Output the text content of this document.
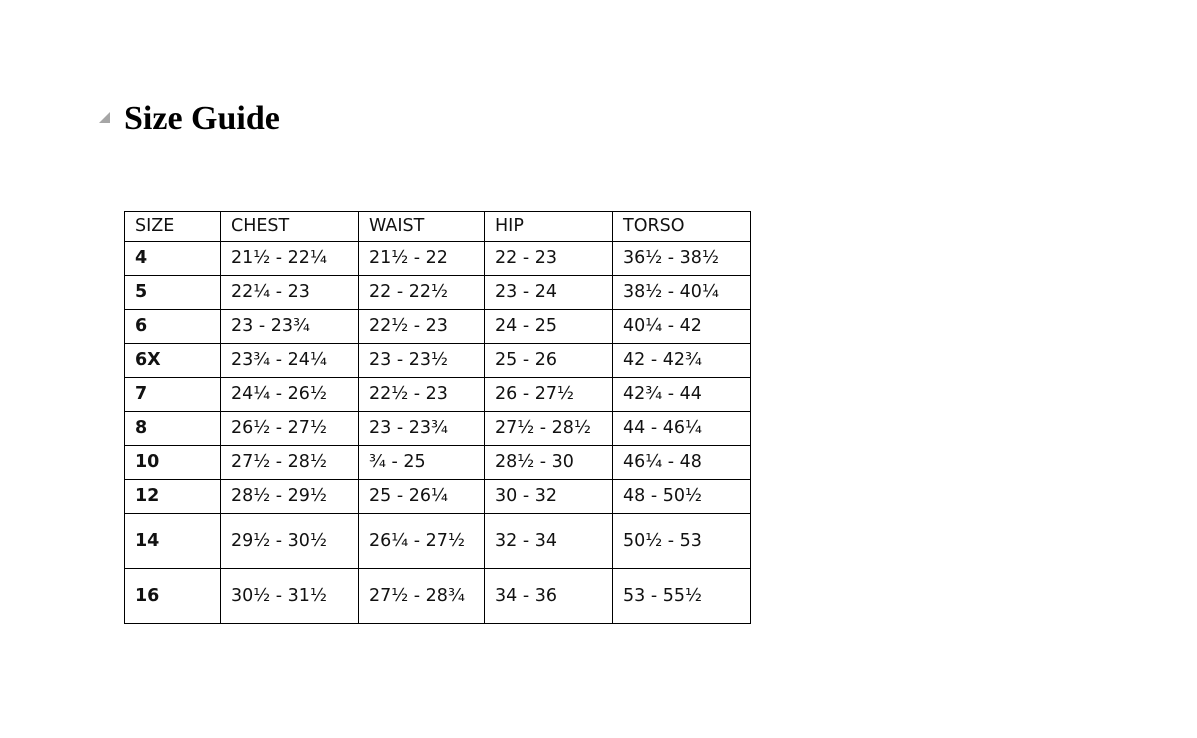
Size Guide
SIZE	CHEST	WAIST	HIP	TORSO
4	21½ - 22¼	21½ - 22	22 - 23	36½ - 38½
5	22¼ - 23	22 - 22½	23 - 24	38½ - 40¼
6	23 - 23¾	22½ - 23	24 - 25	40¼ - 42
6X	23¾ - 24¼	23 - 23½	25 - 26	42 - 42¾
7	24¼ - 26½	22½ - 23	26 - 27½	42¾ - 44
8	26½ - 27½	23 - 23¾	27½ - 28½	44 - 46¼
10	27½ - 28½	¾ - 25	28½ - 30	46¼ - 48
12	28½ - 29½	25 - 26¼	30 - 32	48 - 50½
14	29½ - 30½	26¼ - 27½	32 - 34	50½ - 53
16	30½ - 31½	27½ - 28¾	34 - 36	53 - 55½
